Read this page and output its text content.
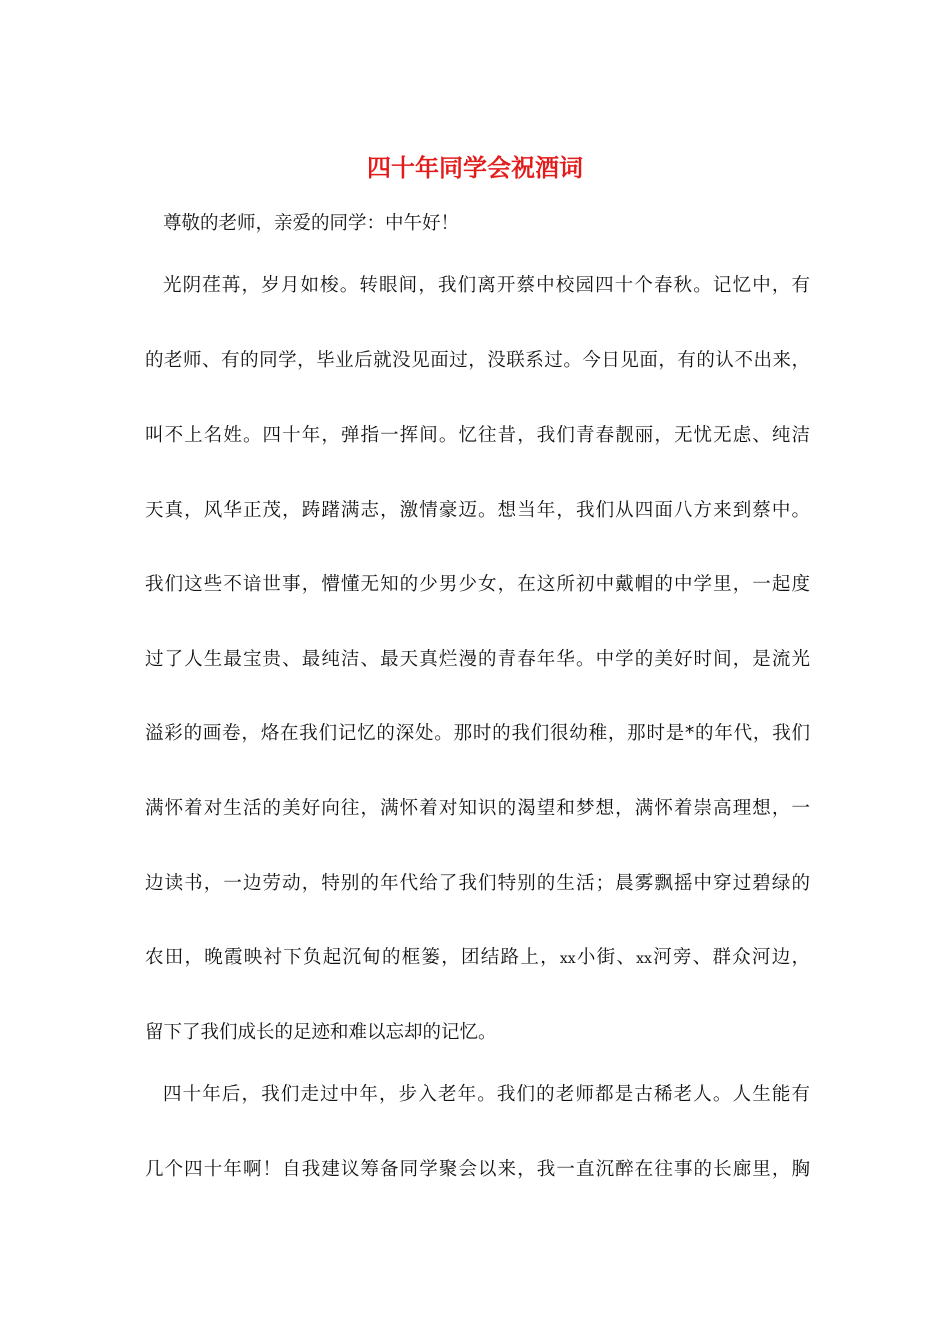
四十年同学会祝酒词

尊敬的老师，亲爱的同学：中午好！

光阴荏苒，岁月如梭。转眼间，我们离开蔡中校园四十个春秋。记忆中，有

的老师、有的同学，毕业后就没见面过，没联系过。今日见面，有的认不出来，

叫不上名姓。四十年，弹指一挥间。忆往昔，我们青春靓丽，无忧无虑、纯洁

天真，风华正茂，踌躇满志，激情豪迈。想当年，我们从四面八方来到蔡中。

我们这些不谙世事，懵懂无知的少男少女，在这所初中戴帽的中学里，一起度

过了人生最宝贵、最纯洁、最天真烂漫的青春年华。中学的美好时间，是流光

溢彩的画卷，烙在我们记忆的深处。那时的我们很幼稚，那时是*的年代，我们

满怀着对生活的美好向往，满怀着对知识的渴望和梦想，满怀着崇高理想，一

边读书，一边劳动，特别的年代给了我们特别的生活；晨雾飘摇中穿过碧绿的

农田，晚霞映衬下负起沉甸的框篓，团结路上，xx小街、xx河旁、群众河边，

留下了我们成长的足迹和难以忘却的记忆。

四十年后，我们走过中年，步入老年。我们的老师都是古稀老人。人生能有

几个四十年啊！自我建议筹备同学聚会以来，我一直沉醉在往事的长廊里，胸
